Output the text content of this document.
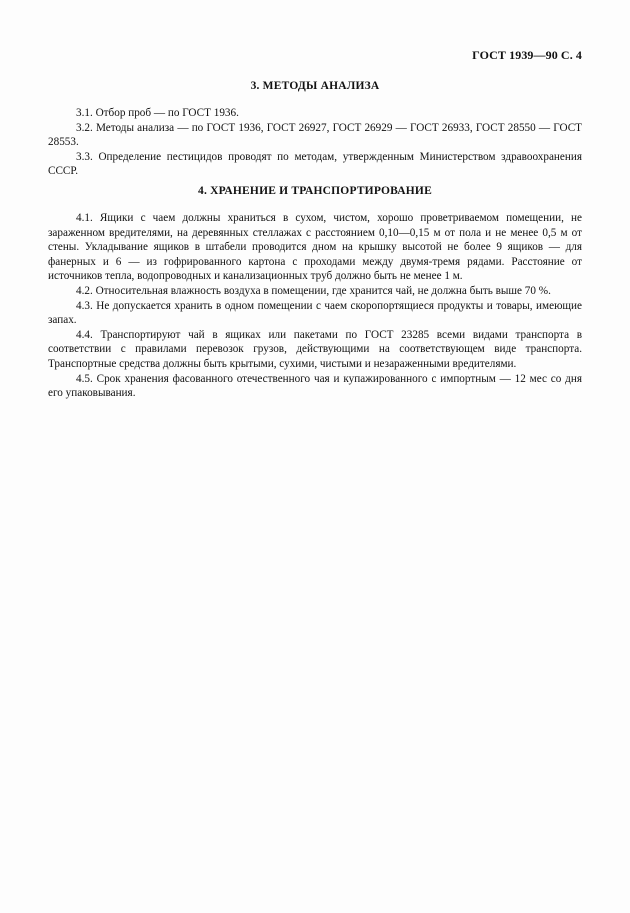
ГОСТ 1939—90 С. 4
3. МЕТОДЫ АНАЛИЗА

3.1. Отбор проб — по ГОСТ 1936.

3.2. Методы анализа — по ГОСТ 1936, ГОСТ 26927, ГОСТ 26929 — ГОСТ 26933, ГОСТ 28550 — ГОСТ 28553.

3.3. Определение пестицидов проводят по методам, утвержденным Министерством здравоохранения СССР.

4. ХРАНЕНИЕ И ТРАНСПОРТИРОВАНИЕ

4.1. Ящики с чаем должны храниться в сухом, чистом, хорошо проветриваемом помещении, не зараженном вредителями, на деревянных стеллажах с расстоянием 0,10—0,15 м от пола и не менее 0,5 м от стены. Укладывание ящиков в штабели проводится дном на крышку высотой не более 9 ящиков — для фанерных и 6 — из гофрированного картона с проходами между двумя-тремя рядами. Расстояние от источников тепла, водопроводных и канализационных труб должно быть не менее 1 м.

4.2. Относительная влажность воздуха в помещении, где хранится чай, не должна быть выше 70 %.

4.3. Не допускается хранить в одном помещении с чаем скоропортящиеся продукты и товары, имеющие запах.

4.4. Транспортируют чай в ящиках или пакетами по ГОСТ 23285 всеми видами транспорта в соответствии с правилами перевозок грузов, действующими на соответствующем виде транспорта. Транспортные средства должны быть крытыми, сухими, чистыми и незараженными вредителями.

4.5. Срок хранения фасованного отечественного чая и купажированного с импортным — 12 мес со дня его упаковывания.
